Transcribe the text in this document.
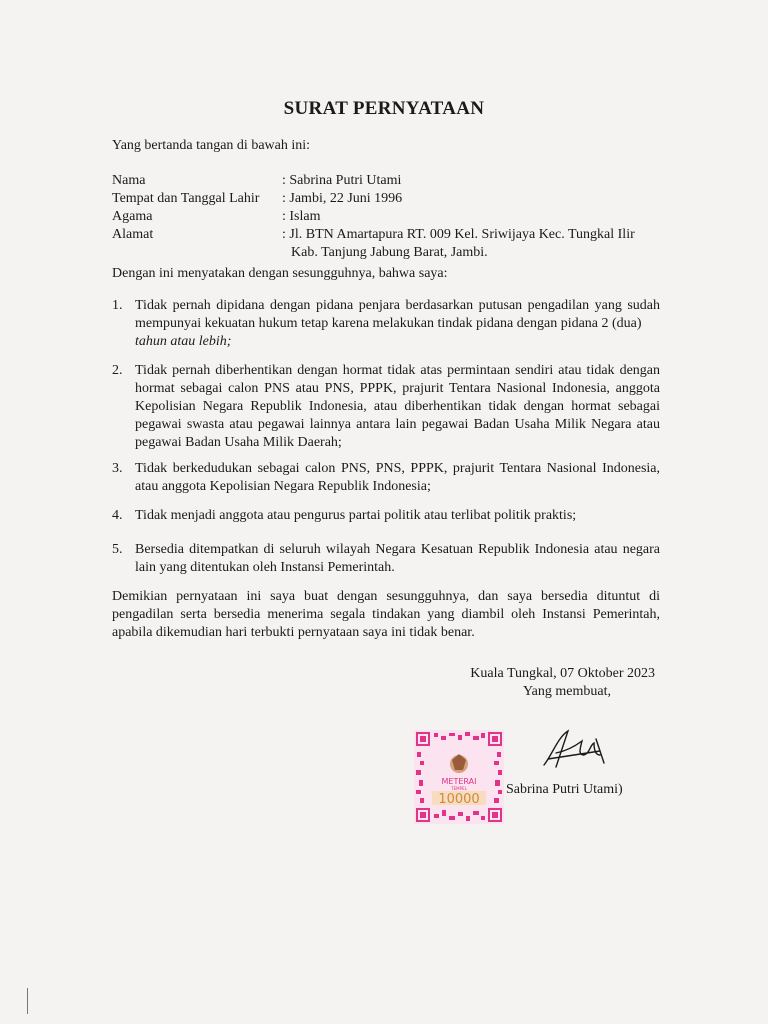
SURAT PERNYATAAN

Yang bertanda tangan di bawah ini:

Nama	: Sabrina Putri Utami
Tempat dan Tanggal Lahir	: Jambi, 22 Juni 1996
Agama	: Islam
Alamat	: Jl. BTN Amartapura RT. 009 Kel. Sriwijaya Kec. Tungkal Ilir
Kab. Tanjung Jabung Barat, Jambi.

Dengan ini menyatakan dengan sesungguhnya, bahwa saya:

1. Tidak pernah dipidana dengan pidana penjara berdasarkan putusan pengadilan yang sudah mempunyai kekuatan hukum tetap karena melakukan tindak pidana dengan pidana 2 (dua)
tahun atau lebih;
2. Tidak pernah diberhentikan dengan hormat tidak atas permintaan sendiri atau tidak dengan hormat sebagai calon PNS atau PNS, PPPK, prajurit Tentara Nasional Indonesia, anggota Kepolisian Negara Republik Indonesia, atau diberhentikan tidak dengan hormat sebagai pegawai swasta atau pegawai lainnya antara lain pegawai Badan Usaha Milik Negara atau pegawai Badan Usaha Milik Daerah;
3. Tidak berkedudukan sebagai calon PNS, PNS, PPPK, prajurit Tentara Nasional Indonesia, atau anggota Kepolisian Negara Republik Indonesia;
4. Tidak menjadi anggota atau pengurus partai politik atau terlibat politik praktis;
5. Bersedia ditempatkan di seluruh wilayah Negara Kesatuan Republik Indonesia atau negara lain yang ditentukan oleh Instansi Pemerintah.

Demikian pernyataan ini saya buat dengan sesungguhnya, dan saya bersedia dituntut di pengadilan serta bersedia menerima segala tindakan yang diambil oleh Instansi Pemerintah, apabila dikemudian hari terbukti pernyataan saya ini tidak benar.

Kuala Tungkal, 07 Oktober 2023

Yang membuat,

METERAI
TEMPEL
10000

Sabrina Putri Utami)
